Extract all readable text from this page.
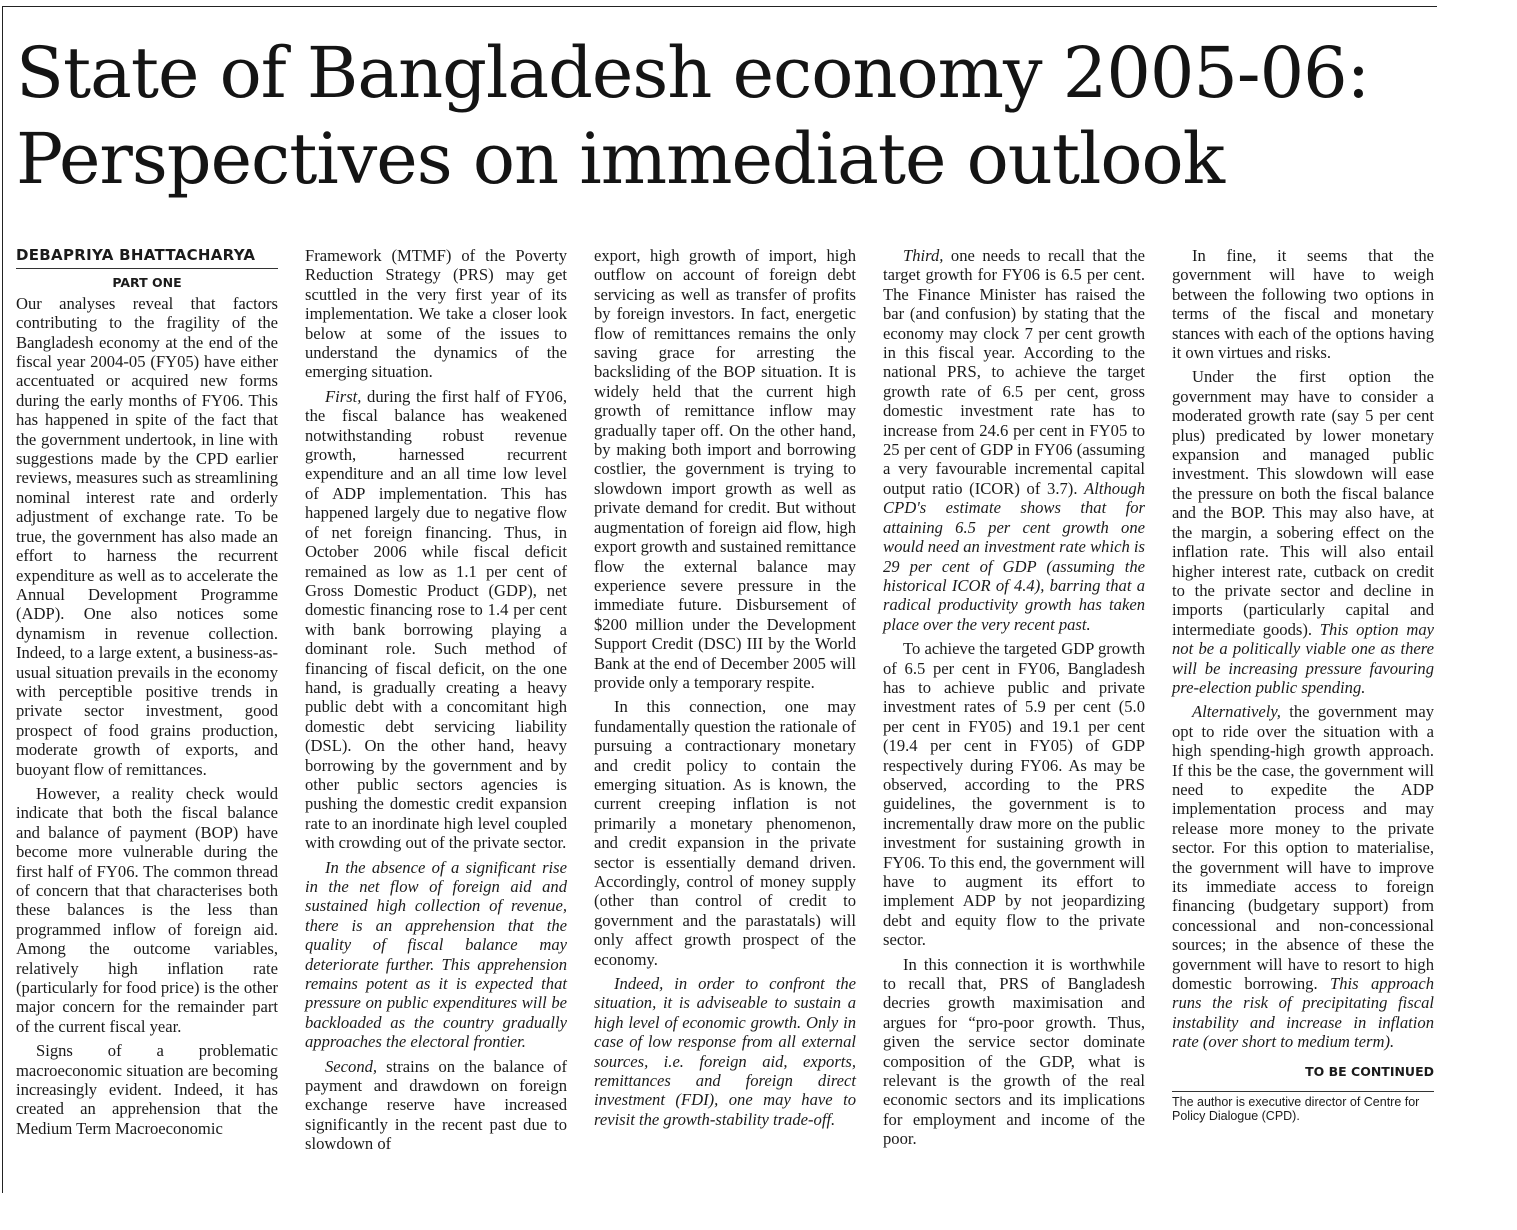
State of Bangladesh economy 2005-06:
Perspectives on immediate outlook
DEBAPRIYA BHATTACHARYA
PART ONE

Our analyses reveal that factors contributing to the fragility of the Bangladesh economy at the end of the fiscal year 2004-05 (FY05) have either accentuated or acquired new forms during the early months of FY06. This has happened in spite of the fact that the government undertook, in line with suggestions made by the CPD earlier reviews, measures such as streamlining nominal interest rate and orderly adjustment of exchange rate. To be true, the government has also made an effort to harness the recurrent expenditure as well as to accelerate the Annual Development Programme (ADP). One also notices some dynamism in revenue collection. Indeed, to a large extent, a business-as-usual situation prevails in the economy with perceptible positive trends in private sector investment, good prospect of food grains production, moderate growth of exports, and buoyant flow of remittances.

However, a reality check would indicate that both the fiscal balance and balance of payment (BOP) have become more vulnerable during the first half of FY06. The common thread of concern that that characterises both these balances is the less than programmed inflow of foreign aid. Among the outcome variables, relatively high inflation rate (particularly for food price) is the other major concern for the remainder part of the current fiscal year.

Signs of a problematic macroeconomic situation are becoming increasingly evident. Indeed, it has created an apprehension that the Medium Term Macroeconomic

Framework (MTMF) of the Poverty Reduction Strategy (PRS) may get scuttled in the very first year of its implementation. We take a closer look below at some of the issues to understand the dynamics of the emerging situation.

First, during the first half of FY06, the fiscal balance has weakened notwithstanding robust revenue growth, harnessed recurrent expenditure and an all time low level of ADP implementation. This has happened largely due to negative flow of net foreign financing. Thus, in October 2006 while fiscal deficit remained as low as 1.1 per cent of Gross Domestic Product (GDP), net domestic financing rose to 1.4 per cent with bank borrowing playing a dominant role. Such method of financing of fiscal deficit, on the one hand, is gradually creating a heavy public debt with a concomitant high domestic debt servicing liability (DSL). On the other hand, heavy borrowing by the government and by other public sectors agencies is pushing the domestic credit expansion rate to an inordinate high level coupled with crowding out of the private sector.

In the absence of a significant rise in the net flow of foreign aid and sustained high collection of revenue, there is an apprehension that the quality of fiscal balance may deteriorate further. This apprehension remains potent as it is expected that pressure on public expenditures will be backloaded as the country gradually approaches the electoral frontier.

Second, strains on the balance of payment and drawdown on foreign exchange reserve have increased significantly in the recent past due to slowdown of

export, high growth of import, high outflow on account of foreign debt servicing as well as transfer of profits by foreign investors. In fact, energetic flow of remittances remains the only saving grace for arresting the backsliding of the BOP situation. It is widely held that the current high growth of remittance inflow may gradually taper off. On the other hand, by making both import and borrowing costlier, the government is trying to slowdown import growth as well as private demand for credit. But without augmentation of foreign aid flow, high export growth and sustained remittance flow the external balance may experience severe pressure in the immediate future. Disbursement of $200 million under the Development Support Credit (DSC) III by the World Bank at the end of December 2005 will provide only a temporary respite.

In this connection, one may fundamentally question the rationale of pursuing a contractionary monetary and credit policy to contain the emerging situation. As is known, the current creeping inflation is not primarily a monetary phenomenon, and credit expansion in the private sector is essentially demand driven. Accordingly, control of money supply (other than control of credit to government and the parastatals) will only affect growth prospect of the economy.

Indeed, in order to confront the situation, it is adviseable to sustain a high level of economic growth. Only in case of low response from all external sources, i.e. foreign aid, exports, remittances and foreign direct investment (FDI), one may have to revisit the growth-stability trade-off.

Third, one needs to recall that the target growth for FY06 is 6.5 per cent. The Finance Minister has raised the bar (and confusion) by stating that the economy may clock 7 per cent growth in this fiscal year. According to the national PRS, to achieve the target growth rate of 6.5 per cent, gross domestic investment rate has to increase from 24.6 per cent in FY05 to 25 per cent of GDP in FY06 (assuming a very favourable incremental capital output ratio (ICOR) of 3.7). Although CPD's estimate shows that for attaining 6.5 per cent growth one would need an investment rate which is 29 per cent of GDP (assuming the historical ICOR of 4.4), barring that a radical productivity growth has taken place over the very recent past.

To achieve the targeted GDP growth of 6.5 per cent in FY06, Bangladesh has to achieve public and private investment rates of 5.9 per cent (5.0 per cent in FY05) and 19.1 per cent (19.4 per cent in FY05) of GDP respectively during FY06. As may be observed, according to the PRS guidelines, the government is to incrementally draw more on the public investment for sustaining growth in FY06. To this end, the government will have to augment its effort to implement ADP by not jeopardizing debt and equity flow to the private sector.

In this connection it is worthwhile to recall that, PRS of Bangladesh decries growth maximisation and argues for “pro-poor growth. Thus, given the service sector dominate composition of the GDP, what is relevant is the growth of the real economic sectors and its implications for employment and income of the poor.

In fine, it seems that the government will have to weigh between the following two options in terms of the fiscal and monetary stances with each of the options having it own virtues and risks.

Under the first option the government may have to consider a moderated growth rate (say 5 per cent plus) predicated by lower monetary expansion and managed public investment. This slowdown will ease the pressure on both the fiscal balance and the BOP. This may also have, at the margin, a sobering effect on the inflation rate. This will also entail higher interest rate, cutback on credit to the private sector and decline in imports (particularly capital and intermediate goods). This option may not be a politically viable one as there will be increasing pressure favouring pre-election public spending.

Alternatively, the government may opt to ride over the situation with a high spending-high growth approach. If this be the case, the government will need to expedite the ADP implementation process and may release more money to the private sector. For this option to materialise, the government will have to improve its immediate access to foreign financing (budgetary support) from concessional and non-concessional sources; in the absence of these the government will have to resort to high domestic borrowing. This approach runs the risk of precipitating fiscal instability and increase in inflation rate (over short to medium term).

TO BE CONTINUED
The author is executive director of Centre for Policy Dialogue (CPD).
